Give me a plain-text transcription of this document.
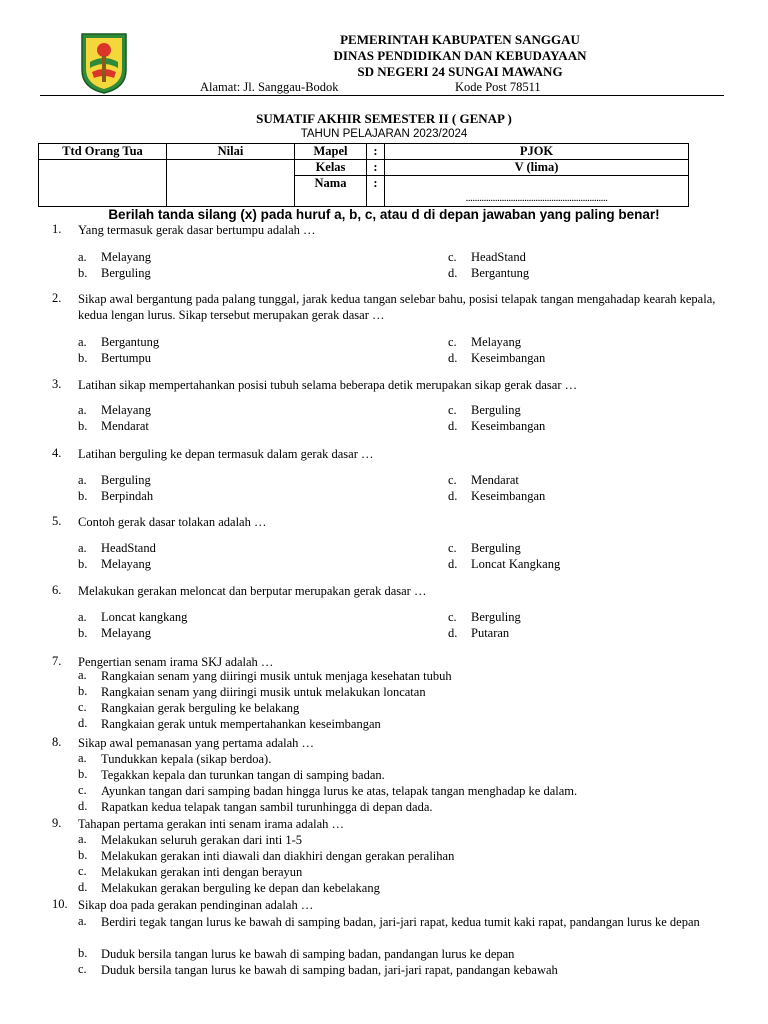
PEMERINTAH KABUPATEN SANGGAU
DINAS PENDIDIKAN DAN KEBUDAYAAN
SD NEGERI 24 SUNGAI MAWANG
Alamat: Jl. Sanggau-Bodok	Kode Post 78511
SUMATIF AKHIR SEMESTER II ( GENAP )
TAHUN PELAJARAN 2023/2024
Ttd Orang Tua	Nilai	Mapel	:	PJOK
		Kelas	:	V (lima)
		Nama	:	...............................................................
Berilah tanda silang (x) pada huruf a, b, c, atau d di depan jawaban yang paling benar!
1. Yang termasuk gerak dasar bertumpu adalah …
a. Melayang
b. Berguling
c. HeadStand
d. Bergantung
2. Sikap awal bergantung pada palang tunggal, jarak kedua tangan selebar bahu, posisi telapak tangan mengahadap kearah kepala, kedua lengan lurus. Sikap tersebut merupakan gerak dasar …
a. Bergantung
b. Bertumpu
c. Melayang
d. Keseimbangan
3. Latihan sikap mempertahankan posisi tubuh selama beberapa detik merupakan sikap gerak dasar …
a. Melayang
b. Mendarat
c. Berguling
d. Keseimbangan
4. Latihan berguling ke depan termasuk dalam gerak dasar …
a. Berguling
b. Berpindah
c. Mendarat
d. Keseimbangan
5. Contoh gerak dasar tolakan adalah …
a. HeadStand
b. Melayang
c. Berguling
d. Loncat Kangkang
6. Melakukan gerakan meloncat dan berputar merupakan gerak dasar …
a. Loncat kangkang
b. Melayang
c. Berguling
d. Putaran
7. Pengertian senam irama SKJ adalah …
a. Rangkaian senam yang diiringi musik untuk menjaga kesehatan tubuh
b. Rangkaian senam yang diiringi musik untuk melakukan loncatan
c. Rangkaian gerak berguling ke belakang
d. Rangkaian gerak untuk mempertahankan keseimbangan
8. Sikap awal pemanasan yang pertama adalah …
a. Tundukkan kepala (sikap berdoa).
b. Tegakkan kepala dan turunkan tangan di samping badan.
c. Ayunkan tangan dari samping badan hingga lurus ke atas, telapak tangan menghadap ke dalam.
d. Rapatkan kedua telapak tangan sambil turunhingga di depan dada.
9. Tahapan pertama gerakan inti senam irama adalah …
a. Melakukan seluruh gerakan dari inti 1-5
b. Melakukan gerakan inti diawali dan diakhiri dengan gerakan peralihan
c. Melakukan gerakan inti dengan berayun
d. Melakukan gerakan berguling ke depan dan kebelakang
10. Sikap doa pada gerakan pendinginan adalah …
a. Berdiri tegak tangan lurus ke bawah di samping badan, jari-jari rapat, kedua tumit kaki rapat, pandangan lurus ke depan
b. Duduk bersila tangan lurus ke bawah di samping badan, pandangan lurus ke depan
c. Duduk bersila tangan lurus ke bawah di samping badan, jari-jari rapat, pandangan kebawah
